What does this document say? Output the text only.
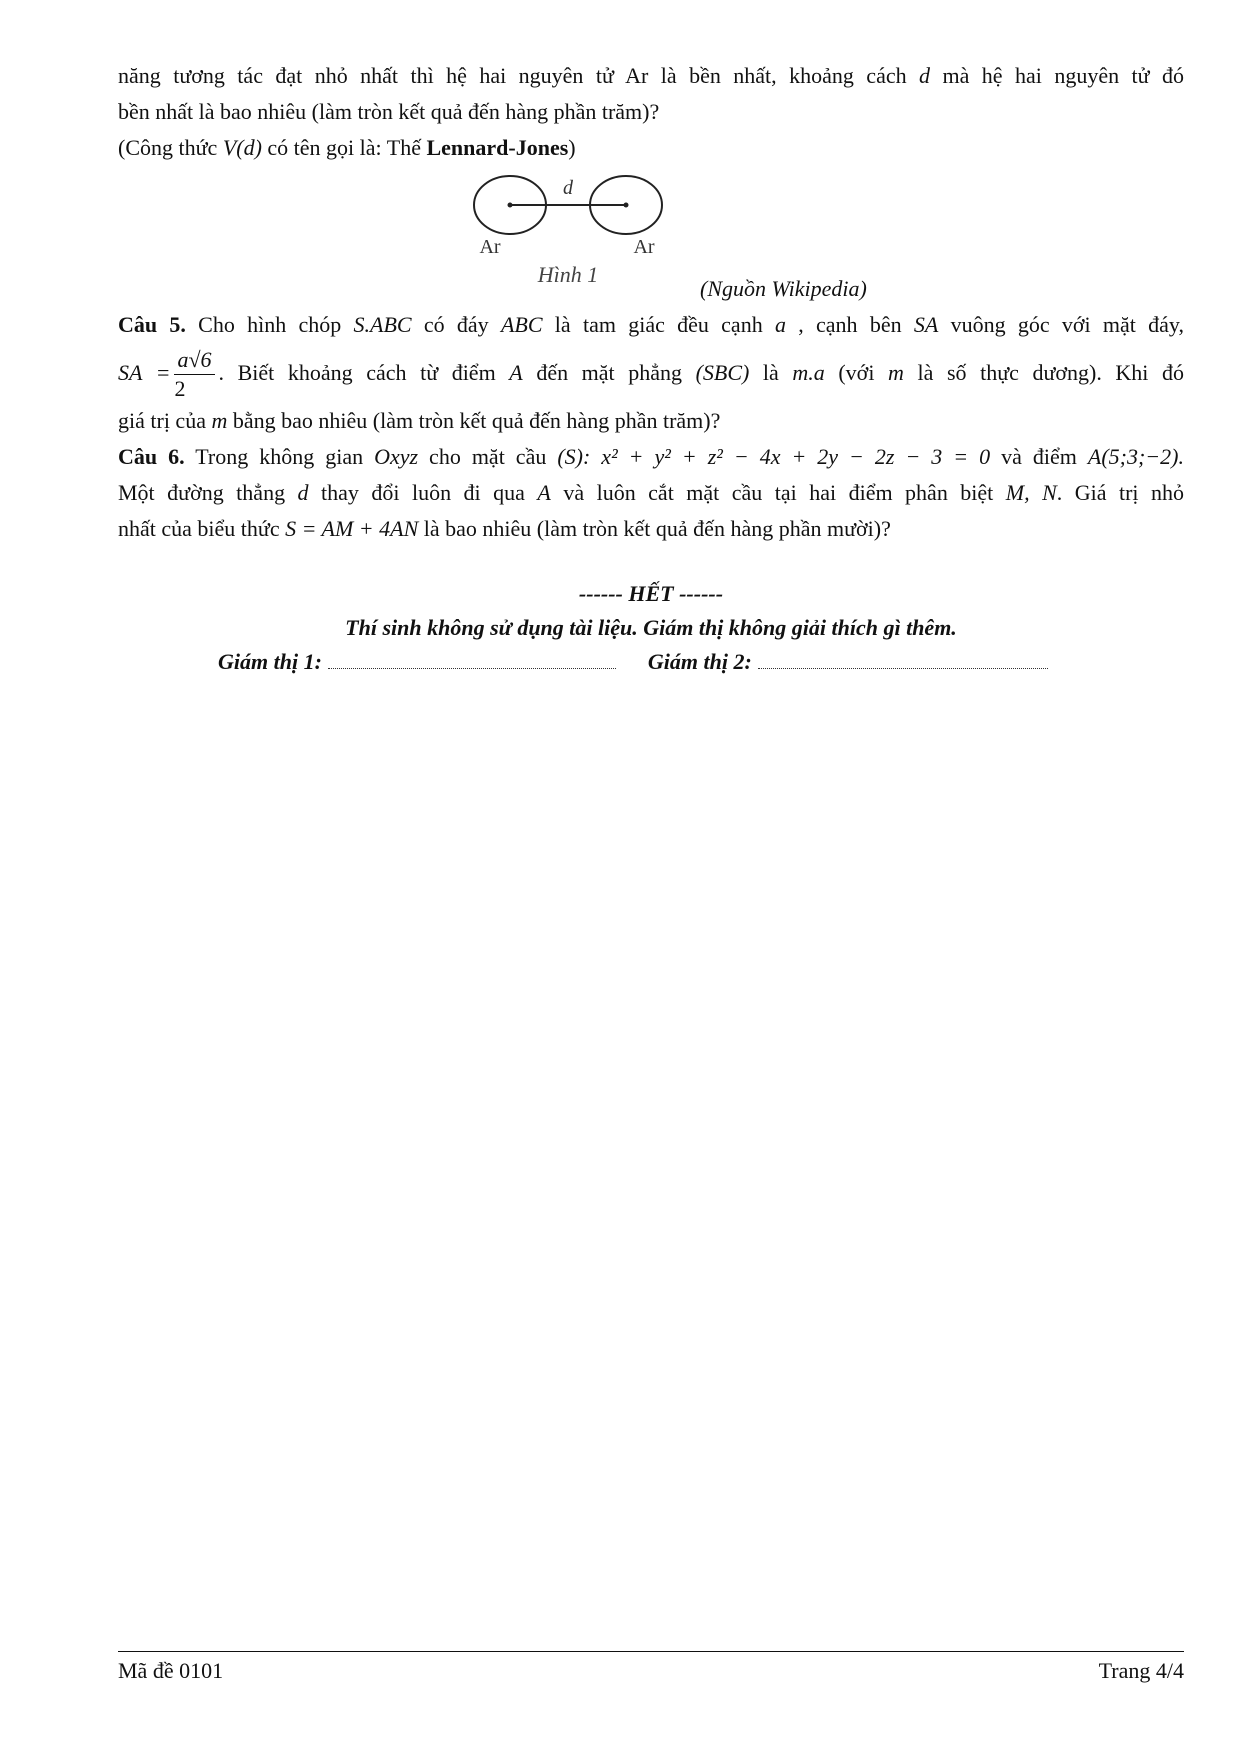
năng tương tác đạt nhỏ nhất thì hệ hai nguyên tử Ar là bền nhất, khoảng cách d mà hệ hai nguyên tử đó
bền nhất là bao nhiêu (làm tròn kết quả đến hàng phần trăm)?
(Công thức V(d) có tên gọi là: Thế Lennard-Jones)
d
Ar	Ar
Hình 1
(Nguồn Wikipedia)
Câu 5. Cho hình chóp S.ABC có đáy ABC là tam giác đều cạnh a , cạnh bên SA vuông góc với mặt đáy,
SA = $\frac{a√6}{2}$ . Biết khoảng cách từ điểm A đến mặt phẳng (SBC) là m.a (với m là số thực dương). Khi đó
giá trị của m bằng bao nhiêu (làm tròn kết quả đến hàng phần trăm)?
Câu 6. Trong không gian Oxyz cho mặt cầu (S): x² + y² + z² − 4x + 2y − 2z − 3 = 0 và điểm A(5;3;−2).
Một đường thẳng d thay đổi luôn đi qua A và luôn cắt mặt cầu tại hai điểm phân biệt M, N. Giá trị nhỏ
nhất của biểu thức S = AM + 4AN là bao nhiêu (làm tròn kết quả đến hàng phần mười)?
------ HẾT ------
Thí sinh không sử dụng tài liệu. Giám thị không giải thích gì thêm.
Giám thị 1:	Giám thị 2:
Mã đề 0101	Trang 4/4
